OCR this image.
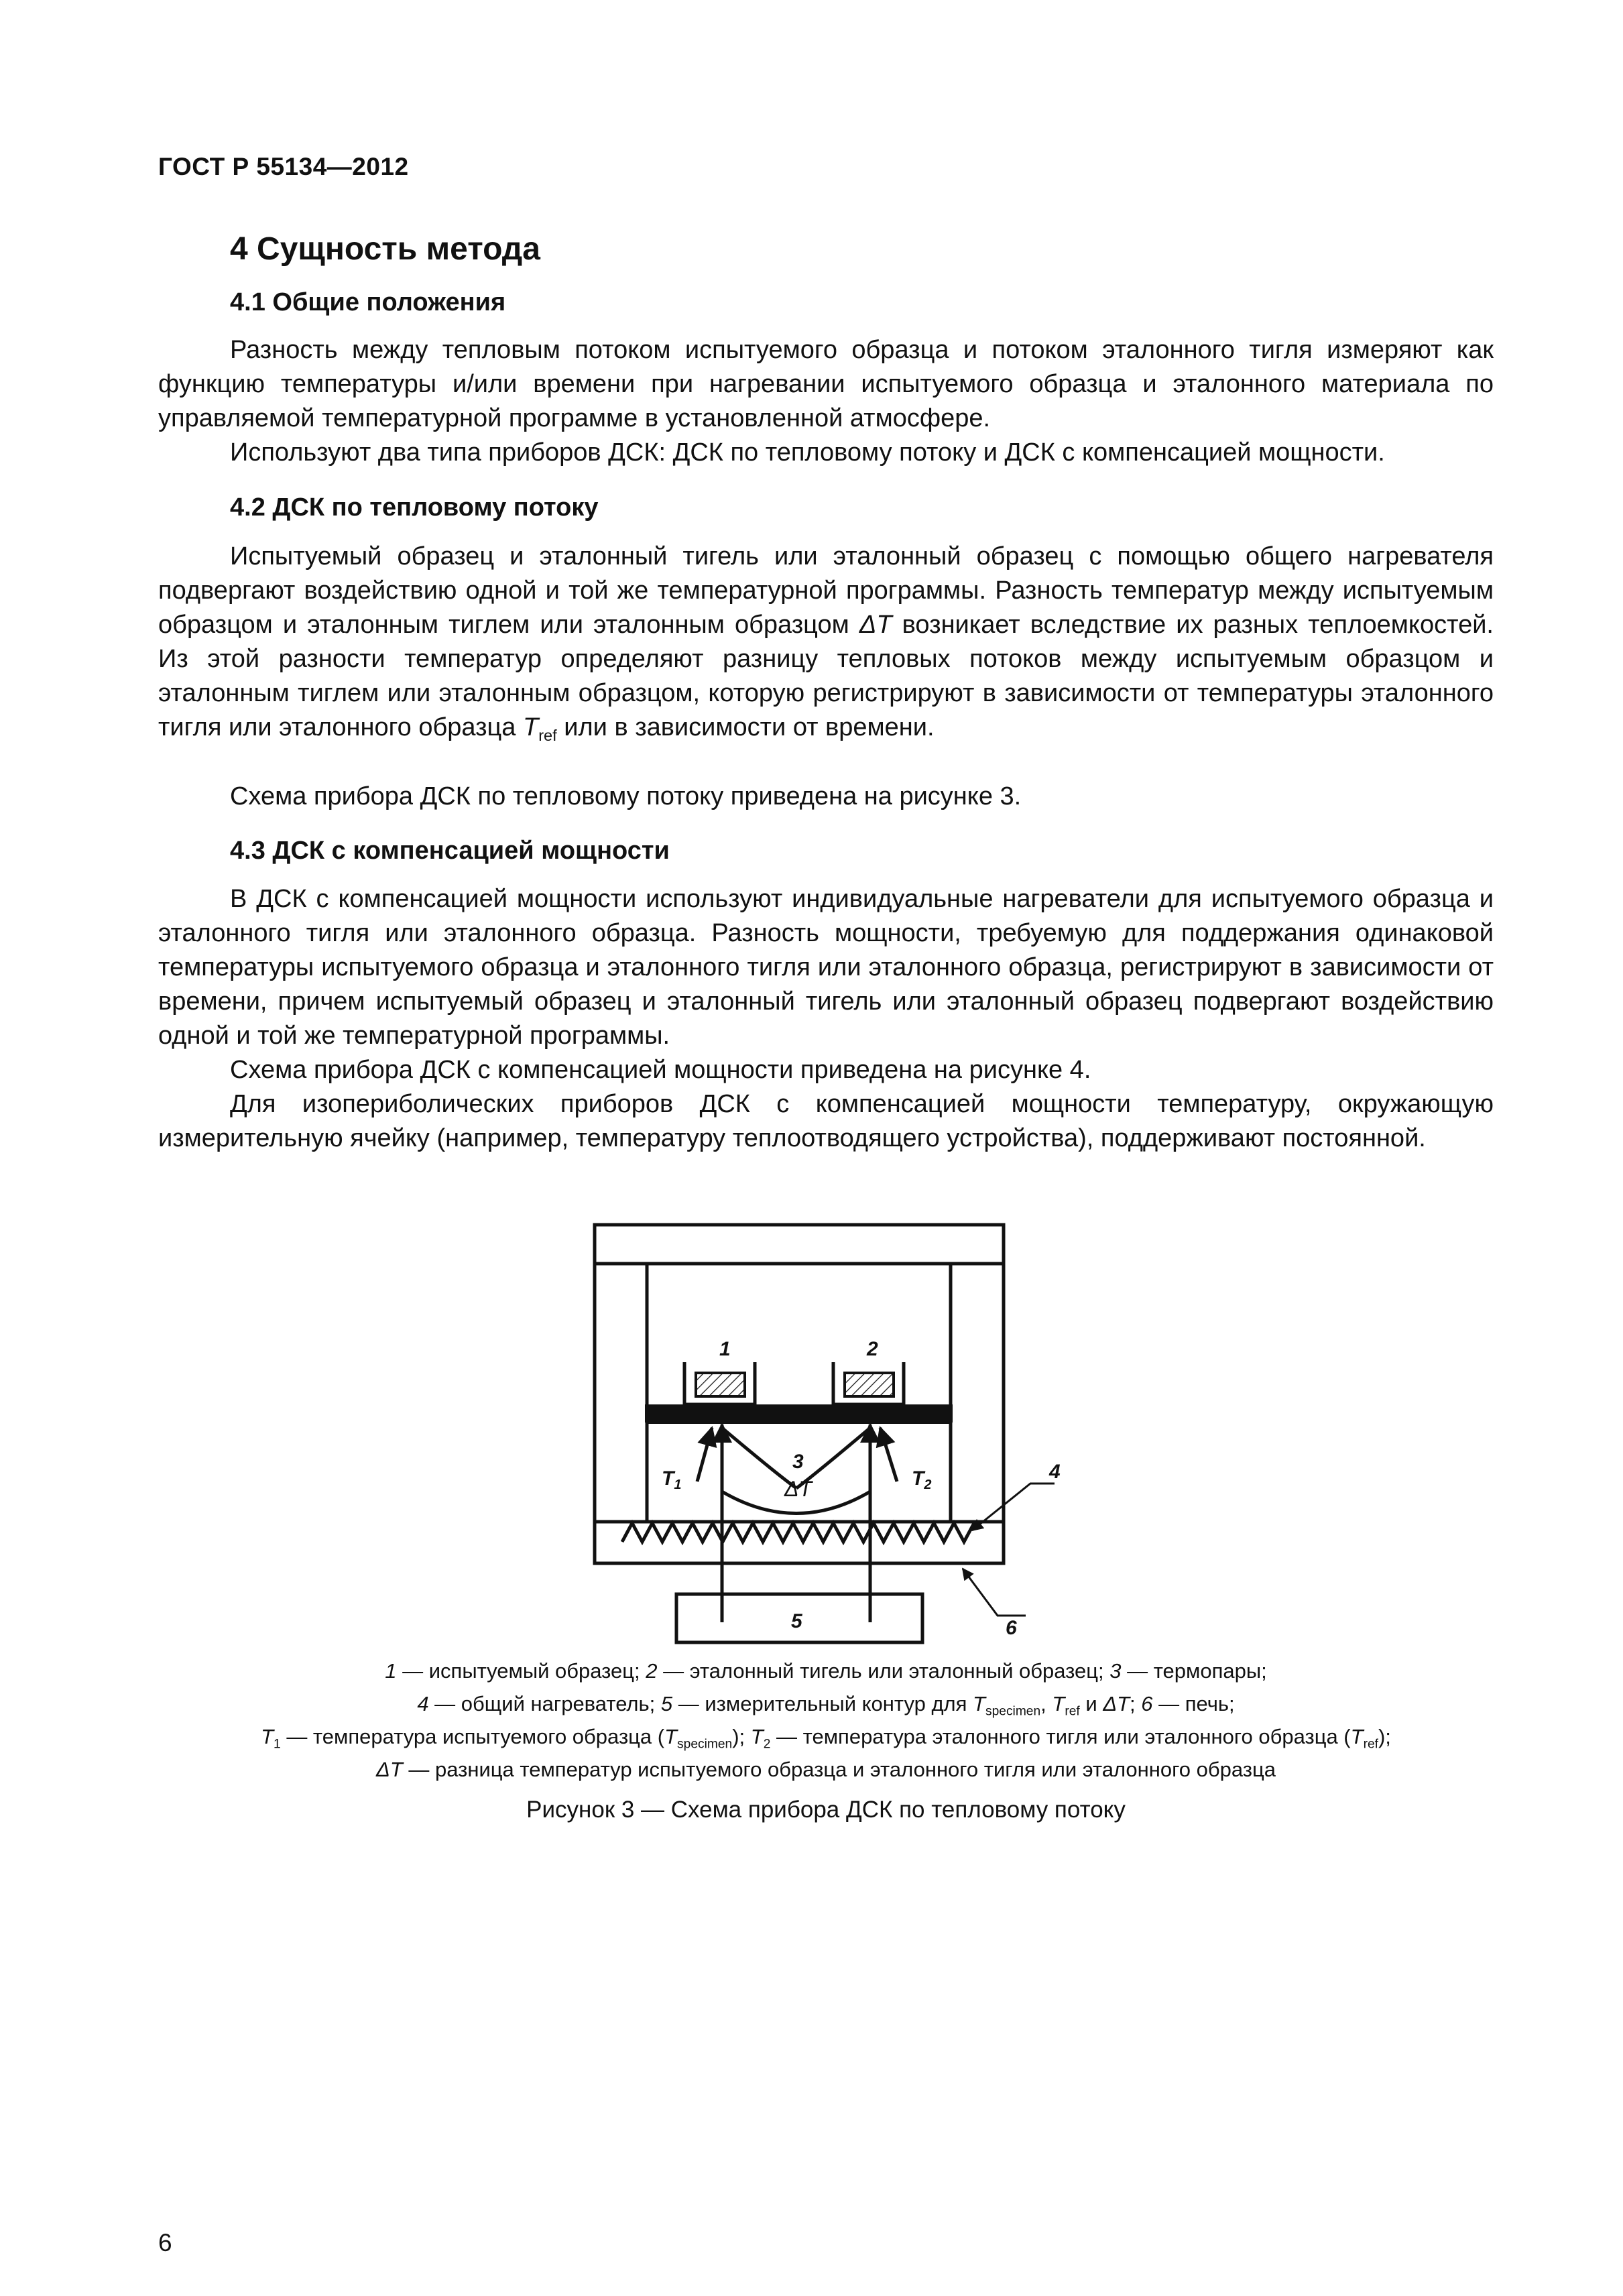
ГОСТ Р 55134—2012
4 Сущность метода
4.1 Общие положения

Разность между тепловым потоком испытуемого образца и потоком эталонного тигля измеряют как функцию температуры и/или времени при нагревании испытуемого образца и эталонного материала по управляемой температурной программе в установленной атмосфере.

Используют два типа приборов ДСК: ДСК по тепловому потоку и ДСК с компенсацией мощности.

4.2 ДСК по тепловому потоку

Испытуемый образец и эталонный тигель или эталонный образец с помощью общего нагревателя подвергают воздействию одной и той же температурной программы. Разность температур между испытуемым образцом и эталонным тиглем или эталонным образцом ΔT возникает вследствие их разных теплоемкостей. Из этой разности температур определяют разницу тепловых потоков между испытуемым образцом и эталонным тиглем или эталонным образцом, которую регистрируют в зависимости от температуры эталонного тигля или эталонного образца $T_{ref}$ или в зависимости от времени.

Схема прибора ДСК по тепловому потоку приведена на рисунке 3.

4.3 ДСК с компенсацией мощности

В ДСК с компенсацией мощности используют индивидуальные нагреватели для испытуемого образца и эталонного тигля или эталонного образца. Разность мощности, требуемую для поддержания одинаковой температуры испытуемого образца и эталонного тигля или эталонного образца, регистрируют в зависимости от времени, причем испытуемый образец и эталонный тигель или эталонный образец подвергают воздействию одной и той же температурной программы.

Схема прибора ДСК с компенсацией мощности приведена на рисунке 4.

Для изопериболических приборов ДСК с компенсацией мощности температуру, окружающую измерительную ячейку (например, температуру теплоотводящего устройства), поддерживают постоянной.

1	2
3	4
5	6
$T_1$	$T_2$
ΔT
1 — испытуемый образец; 2 — эталонный тигель или эталонный образец; 3 — термопары;
4 — общий нагреватель; 5 — измерительный контур для $T_{specimen}$, $T_{ref}$ и ΔT; 6 — печь;
$T_1$ — температура испытуемого образца $(T_{specimen})$; $T_2$ — температура эталонного тигля или эталонного образца $(T_{ref})$;
ΔT — разница температур испытуемого образца и эталонного тигля или эталонного образца
Рисунок 3 — Схема прибора ДСК по тепловому потоку
6
